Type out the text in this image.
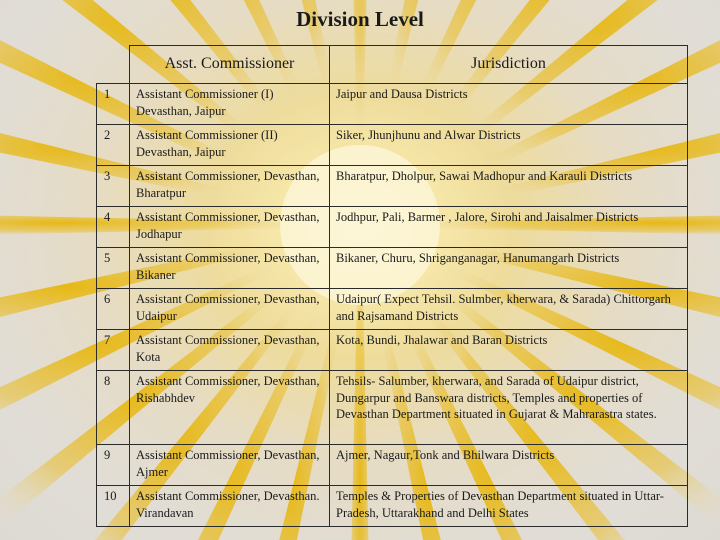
Division Level
	Asst. Commissioner	Jurisdiction
1	Assistant Commissioner (I) Devasthan, Jaipur	Jaipur and Dausa Districts
2	Assistant Commissioner (II) Devasthan, Jaipur	Siker, Jhunjhunu and Alwar Districts
3	Assistant Commissioner, Devasthan, Bharatpur	Bharatpur, Dholpur, Sawai Madhopur and Karauli Districts
4	Assistant Commissioner, Devasthan, Jodhapur	Jodhpur, Pali, Barmer , Jalore, Sirohi and Jaisalmer Districts
5	Assistant Commissioner, Devasthan, Bikaner	Bikaner, Churu, Shriganganagar, Hanumangarh Districts
6	Assistant Commissioner, Devasthan, Udaipur	Udaipur( Expect Tehsil. Sulmber, kherwara, & Sarada) Chittorgarh and Rajsamand Districts
7	Assistant Commissioner, Devasthan, Kota	Kota, Bundi, Jhalawar and Baran Districts
8	Assistant Commissioner, Devasthan, Rishabhdev	Tehsils- Salumber, kherwara, and Sarada of Udaipur district, Dungarpur and Banswara districts, Temples and properties of Devasthan Department situated in Gujarat & Mahrarastra states.
9	Assistant Commissioner, Devasthan, Ajmer	Ajmer, Nagaur,Tonk and Bhilwara Districts
10	Assistant Commissioner, Devasthan. Virandavan	Temples & Properties of Devasthan Department situated in Uttar-Pradesh, Uttarakhand and Delhi States
